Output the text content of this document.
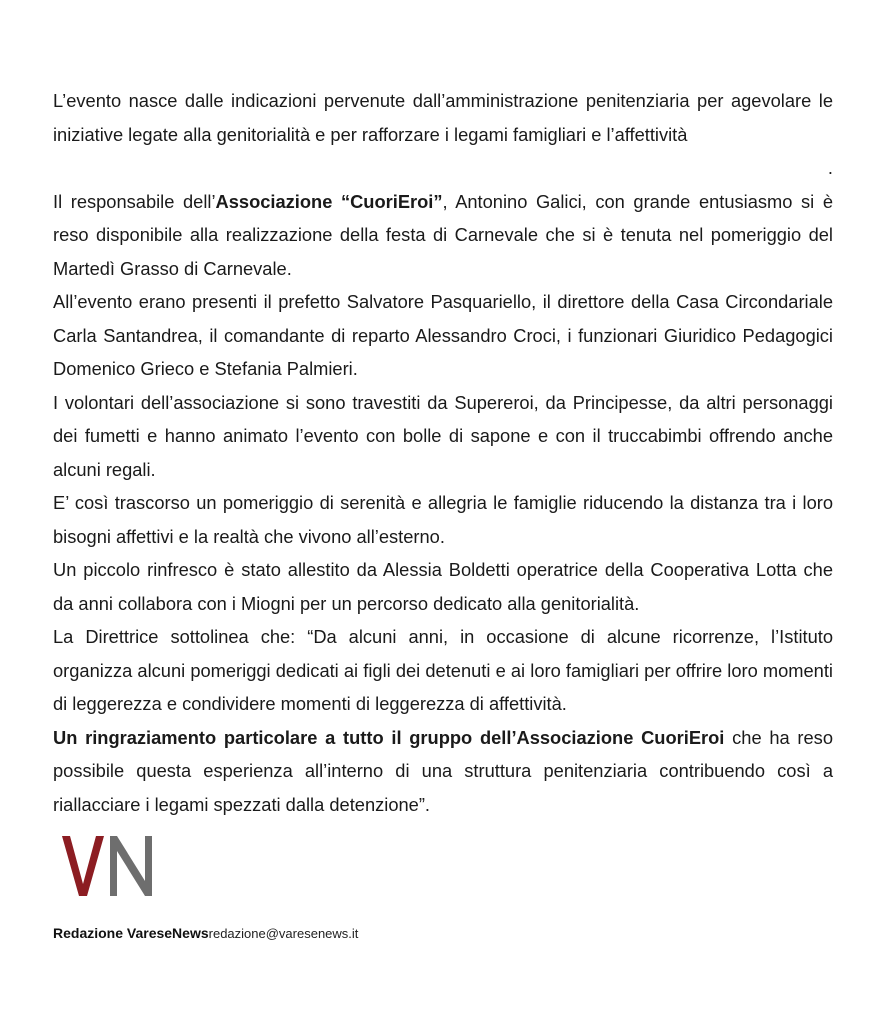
L’evento nasce dalle indicazioni pervenute dall’amministrazione penitenziaria per agevolare le iniziative legate alla genitorialità e per rafforzare i legami famigliari e l’affettività
.

Il responsabile dell’Associazione “CuoriEroi”, Antonino Galici, con grande entusiasmo si è reso disponibile alla realizzazione della festa di Carnevale che si è tenuta nel pomeriggio del Martedì Grasso di Carnevale.

All’evento erano presenti il prefetto Salvatore Pasquariello, il direttore della Casa Circondariale Carla Santandrea, il comandante di reparto Alessandro Croci, i funzionari Giuridico Pedagogici Domenico Grieco e Stefania Palmieri.

I volontari dell’associazione si sono travestiti da Supereroi, da Principesse, da altri personaggi dei fumetti e hanno animato l’evento con bolle di sapone e con il truccabimbi offrendo anche alcuni regali.

E’ così trascorso un pomeriggio di serenità e allegria le famiglie riducendo la distanza tra i loro bisogni affettivi e la realtà che vivono all’esterno.

Un piccolo rinfresco è stato allestito da Alessia Boldetti operatrice della Cooperativa Lotta che da anni collabora con i Miogni per un percorso dedicato alla genitorialità.

La Direttrice sottolinea che: “Da alcuni anni, in occasione di alcune ricorrenze, l’Istituto organizza alcuni pomeriggi dedicati ai figli dei detenuti e ai loro famigliari per offrire loro momenti di leggerezza e condividere momenti di leggerezza di affettività.

Un ringraziamento particolare a tutto il gruppo dell’Associazione CuoriEroi che ha reso possibile questa esperienza all’interno di una struttura penitenziaria contribuendo così a riallacciare i legami spezzati dalla detenzione”.

Redazione VareseNewsredazione@varesenews.it
